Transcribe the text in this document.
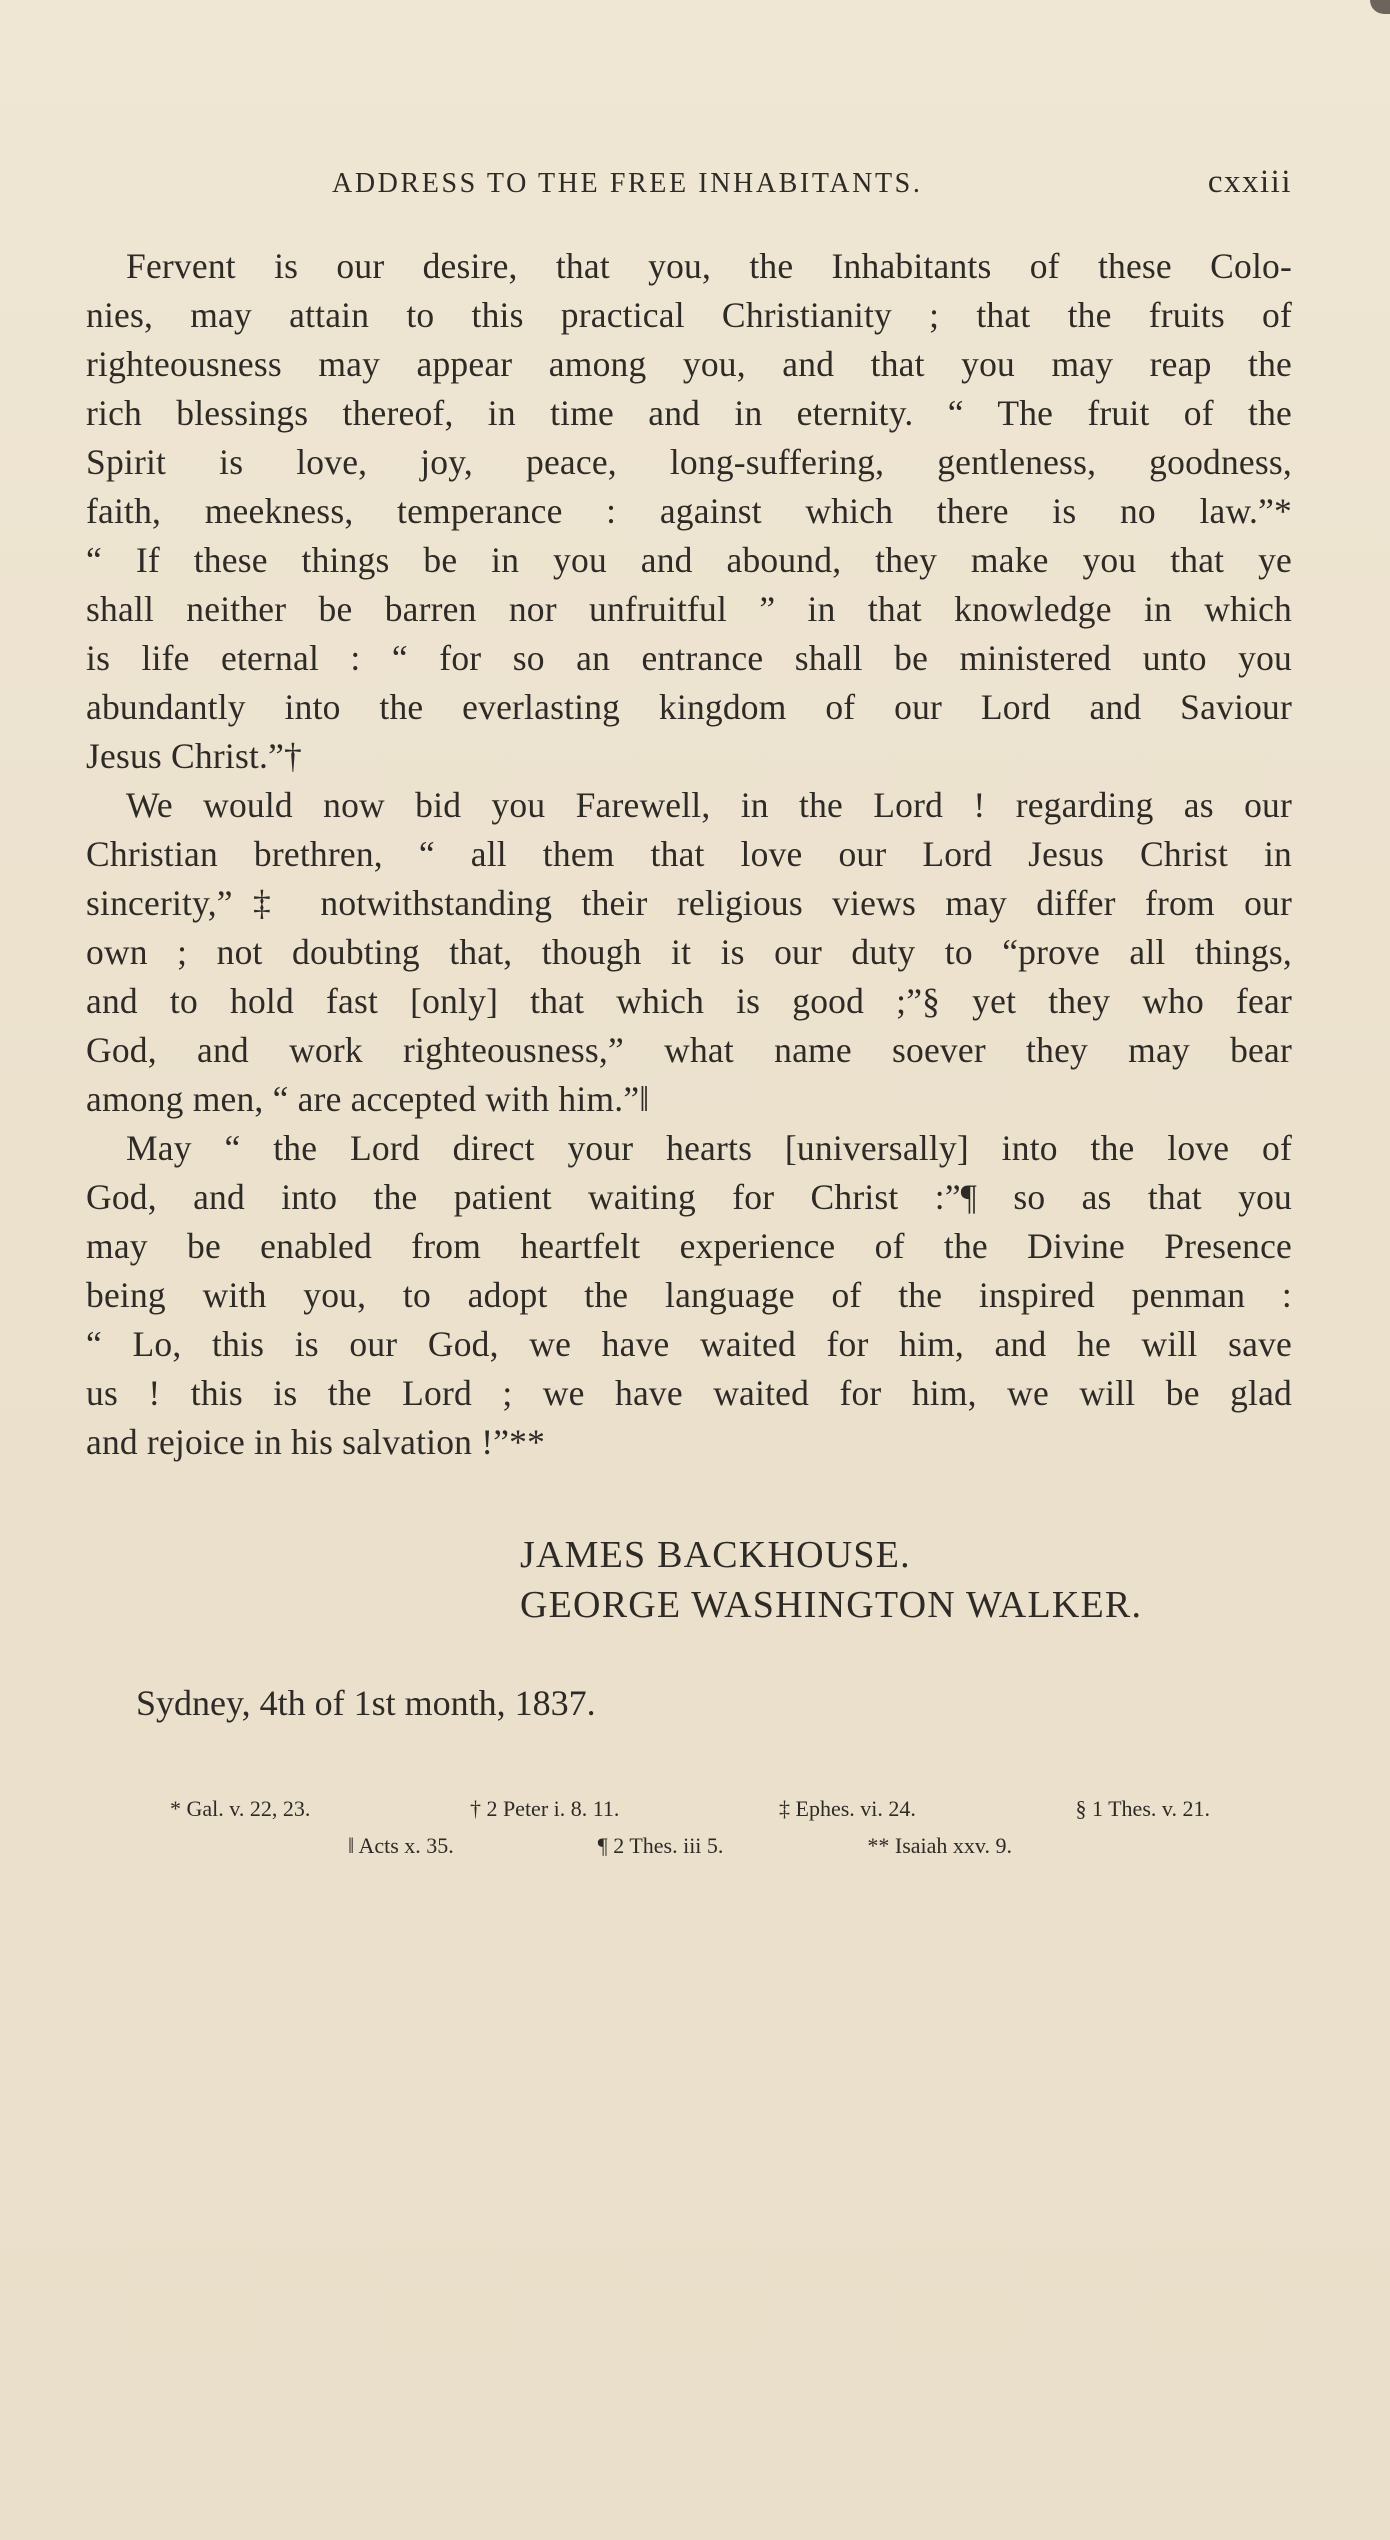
ADDRESS TO THE FREE INHABITANTS.	cxxiii
Fervent is our desire, that you, the Inhabitants of these Colo-
nies, may attain to this practical Christianity ; that the fruits of
righteousness may appear among you, and that you may reap the
rich blessings thereof, in time and in eternity. “ The fruit of the
Spirit is love, joy, peace, long-suffering, gentleness, goodness,
faith, meekness, temperance : against which there is no law.”*
“ If these things be in you and abound, they make you that ye
shall neither be barren nor unfruitful ” in that knowledge in which
is life eternal : “ for so an entrance shall be ministered unto you
abundantly into the everlasting kingdom of our Lord and Saviour
Jesus Christ.”†
We would now bid you Farewell, in the Lord ! regarding as our
Christian brethren, “ all them that love our Lord Jesus Christ in
sincerity,”‡ notwithstanding their religious views may differ from our
own ; not doubting that, though it is our duty to “prove all things,
and to hold fast [only] that which is good ;”§ yet they who fear
God, and work righteousness,” what name soever they may bear
among men, “ are accepted with him.”‖
May “ the Lord direct your hearts [universally] into the love of
God, and into the patient waiting for Christ :”¶ so as that you
may be enabled from heartfelt experience of the Divine Presence
being with you, to adopt the language of the inspired penman :
“ Lo, this is our God, we have waited for him, and he will save
us ! this is the Lord ; we have waited for him, we will be glad
and rejoice in his salvation !”**
JAMES BACKHOUSE.
GEORGE WASHINGTON WALKER.
Sydney, 4th of 1st month, 1837.
* Gal. v. 22, 23.	† 2 Peter i. 8. 11.	‡ Ephes. vi. 24.	§ 1 Thes. v. 21.
‖ Acts x. 35.	¶ 2 Thes. iii 5.	** Isaiah xxv. 9.
